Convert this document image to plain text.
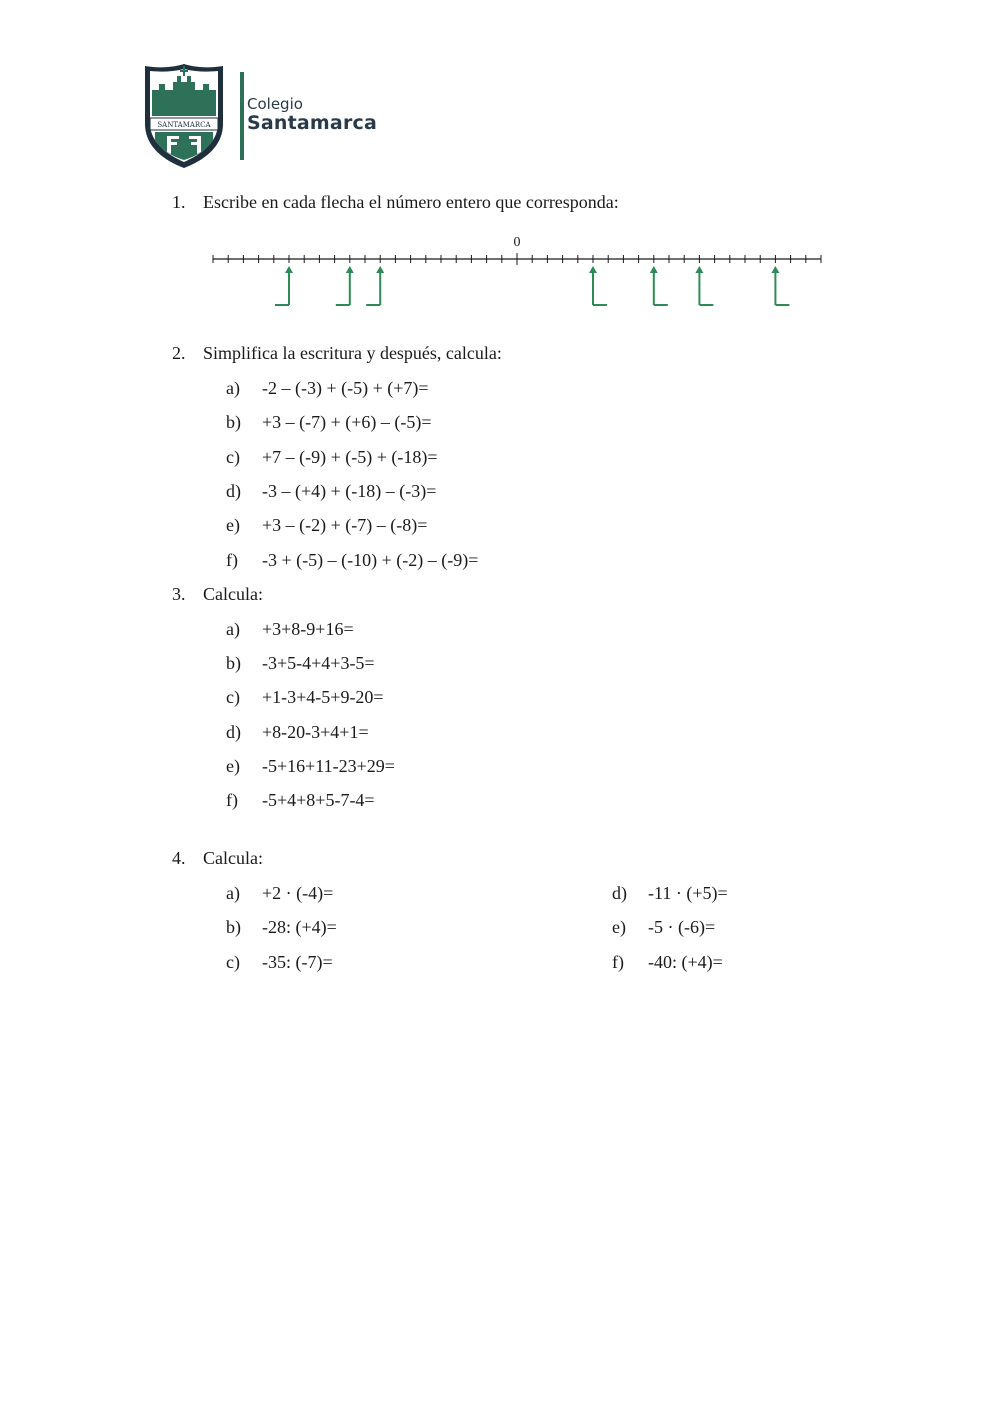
SANTAMARCA
Colegio
Santamarca
1. Escribe en cada flecha el número entero que corresponda:
0
2. Simplifica la escritura y después, calcula:
a) -2 – (-3) + (-5) + (+7)=
b) +3 – (-7) + (+6) – (-5)=
c) +7 – (-9) + (-5) + (-18)=
d) -3 – (+4) + (-18) – (-3)=
e) +3 – (-2) + (-7) – (-8)=
f) -3 + (-5) – (-10) + (-2) – (-9)=
3. Calcula:
a) +3+8-9+16=
b) -3+5-4+4+3-5=
c) +1-3+4-5+9-20=
d) +8-20-3+4+1=
e) -5+16+11-23+29=
f) -5+4+8+5-7-4=
4. Calcula:
a) +2 · (-4)=
b) -28: (+4)=
c) -35: (-7)=
d) -11 · (+5)=
e) -5 · (-6)=
f) -40: (+4)=
